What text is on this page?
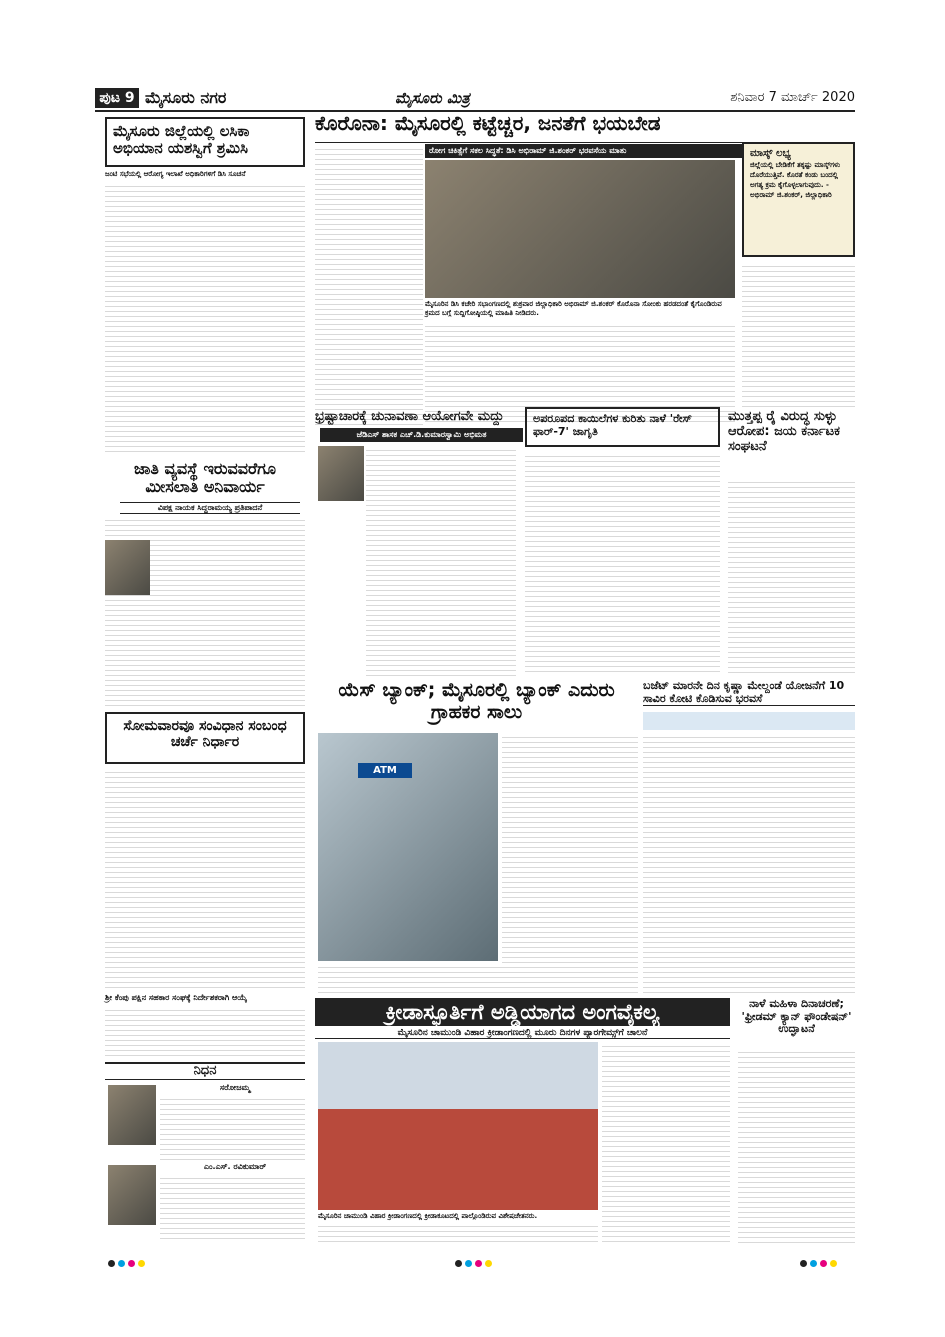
ಪುಟ 9 ಮೈಸೂರು ನಗರ	ಮೈಸೂರು ಮಿತ್ರ	ಶನಿವಾರ 7 ಮಾರ್ಚ್ 2020
ಮೈಸೂರು ಜಿಲ್ಲೆಯಲ್ಲಿ ಲಸಿಕಾ ಅಭಿಯಾನ ಯಶಸ್ವಿಗೆ ಶ್ರಮಿಸಿ
ಜಂಟಿ ಸಭೆಯಲ್ಲಿ ಆರೋಗ್ಯ ಇಲಾಖೆ ಅಧಿಕಾರಿಗಳಿಗೆ ಡಿಸಿ ಸೂಚನೆ
ಜಾತಿ ವ್ಯವಸ್ಥೆ ಇರುವವರೆಗೂ ಮೀಸಲಾತಿ ಅನಿವಾರ್ಯ
ವಿಪಕ್ಷ ನಾಯಕ ಸಿದ್ದರಾಮಯ್ಯ ಪ್ರತಿಪಾದನೆ
ಸೋಮವಾರವೂ ಸಂವಿಧಾನ ಸಂಬಂಧ ಚರ್ಚೆ ನಿರ್ಧಾರ
ಶ್ರೀ ಕೆಂಪು ಪಕ್ಷಿನ ಸಹಕಾರ ಸಂಘಕ್ಕೆ ನಿರ್ದೇಶಕರಾಗಿ ಆಯ್ಕೆ
ನಿಧನ
ಸರೋಜಮ್ಮ
ಎಂ.ಎಸ್. ರವಿಕುಮಾರ್
ಕೊರೊನಾ: ಮೈಸೂರಲ್ಲಿ ಕಟ್ಟೆಚ್ಚರ, ಜನತೆಗೆ ಭಯಬೇಡ
ರೋಗ ಚಿಕಿತ್ಸೆಗೆ ಸಕಲ ಸಿದ್ಧತೆ: ಡಿಸಿ ಅಭಿರಾಮ್ ಜಿ.ಶಂಕರ್ ಭರವಸೆಯ ಮಾತು
ಮೈಸೂರಿನ ಡಿಸಿ ಕಚೇರಿ ಸಭಾಂಗಣದಲ್ಲಿ ಶುಕ್ರವಾರ ಜಿಲ್ಲಾಧಿಕಾರಿ ಅಭಿರಾಮ್ ಜಿ.ಶಂಕರ್ ಕೊರೊನಾ ಸೋಂಕು ಹರಡದಂತೆ ಕೈಗೊಂಡಿರುವ ಕ್ರಮದ ಬಗ್ಗೆ ಸುದ್ದಿಗೋಷ್ಠಿಯಲ್ಲಿ ಮಾಹಿತಿ ನೀಡಿದರು.
ಮಾಸ್ಕ್ ಲಭ್ಯ
ಜಿಲ್ಲೆಯಲ್ಲಿ ಬೇಡಿಕೆಗೆ ತಕ್ಕಷ್ಟು ಮಾಸ್ಕ್‌ಗಳು ದೊರೆಯುತ್ತಿವೆ. ಕೊರತೆ ಕಂಡು ಬಂದಲ್ಲಿ ಅಗತ್ಯ ಕ್ರಮ ಕೈಗೊಳ್ಳಲಾಗುವುದು. - ಅಭಿರಾಮ್ ಜಿ.ಶಂಕರ್, ಜಿಲ್ಲಾಧಿಕಾರಿ
ಭ್ರಷ್ಟಾಚಾರಕ್ಕೆ ಚುನಾವಣಾ ಆಯೋಗವೇ ಮದ್ದು
ಜೆಡಿಎಸ್ ಶಾಸಕ ಎಚ್.ಡಿ.ಕುಮಾರಸ್ವಾಮಿ ಅಭಿಮತ
ಅಪರೂಪದ ಕಾಯಿಲೆಗಳ ಕುರಿತು ನಾಳೆ 'ರೇಸ್ ಫಾರ್-7' ಜಾಗೃತಿ
ಮುತ್ತಪ್ಪ ರೈ ವಿರುದ್ಧ ಸುಳ್ಳು ಆರೋಪ: ಜಯ ಕರ್ನಾಟಕ ಸಂಘಟನೆ
ಯೆಸ್ ಬ್ಯಾಂಕ್; ಮೈಸೂರಲ್ಲಿ ಬ್ಯಾಂಕ್ ಎದುರು ಗ್ರಾಹಕರ ಸಾಲು
ATM
ಬಜೆಟ್ ಮಾರನೇ ದಿನ ಕೃಷ್ಣಾ ಮೇಲ್ದಂಡೆ ಯೋಜನೆಗೆ 10 ಸಾವಿರ ಕೋಟಿ ಕೊಡಿಸುವ ಭರವಸೆ
ಕ್ರೀಡಾಸ್ಫೂರ್ತಿಗೆ ಅಡ್ಡಿಯಾಗದ ಅಂಗವೈಕಲ್ಯ
ಮೈಸೂರಿನ ಚಾಮುಂಡಿ ವಿಹಾರ ಕ್ರೀಡಾಂಗಣದಲ್ಲಿ ಮೂರು ದಿನಗಳ ಪ್ಯಾರಗೇಮ್ಸ್‌ಗೆ ಚಾಲನೆ
ಮೈಸೂರಿನ ಚಾಮುಂಡಿ ವಿಹಾರ ಕ್ರೀಡಾಂಗಣದಲ್ಲಿ ಕ್ರೀಡಾಕೂಟದಲ್ಲಿ ಪಾಲ್ಗೊಂಡಿರುವ ವಿಶೇಷಚೇತನರು.
ನಾಳೆ ಮಹಿಳಾ ದಿನಾಚರಣೆ; 'ಫ್ರೀಡಮ್ ಕ್ಯಾನ್ ಫೌಂಡೇಷನ್' ಉದ್ಘಾಟನೆ
